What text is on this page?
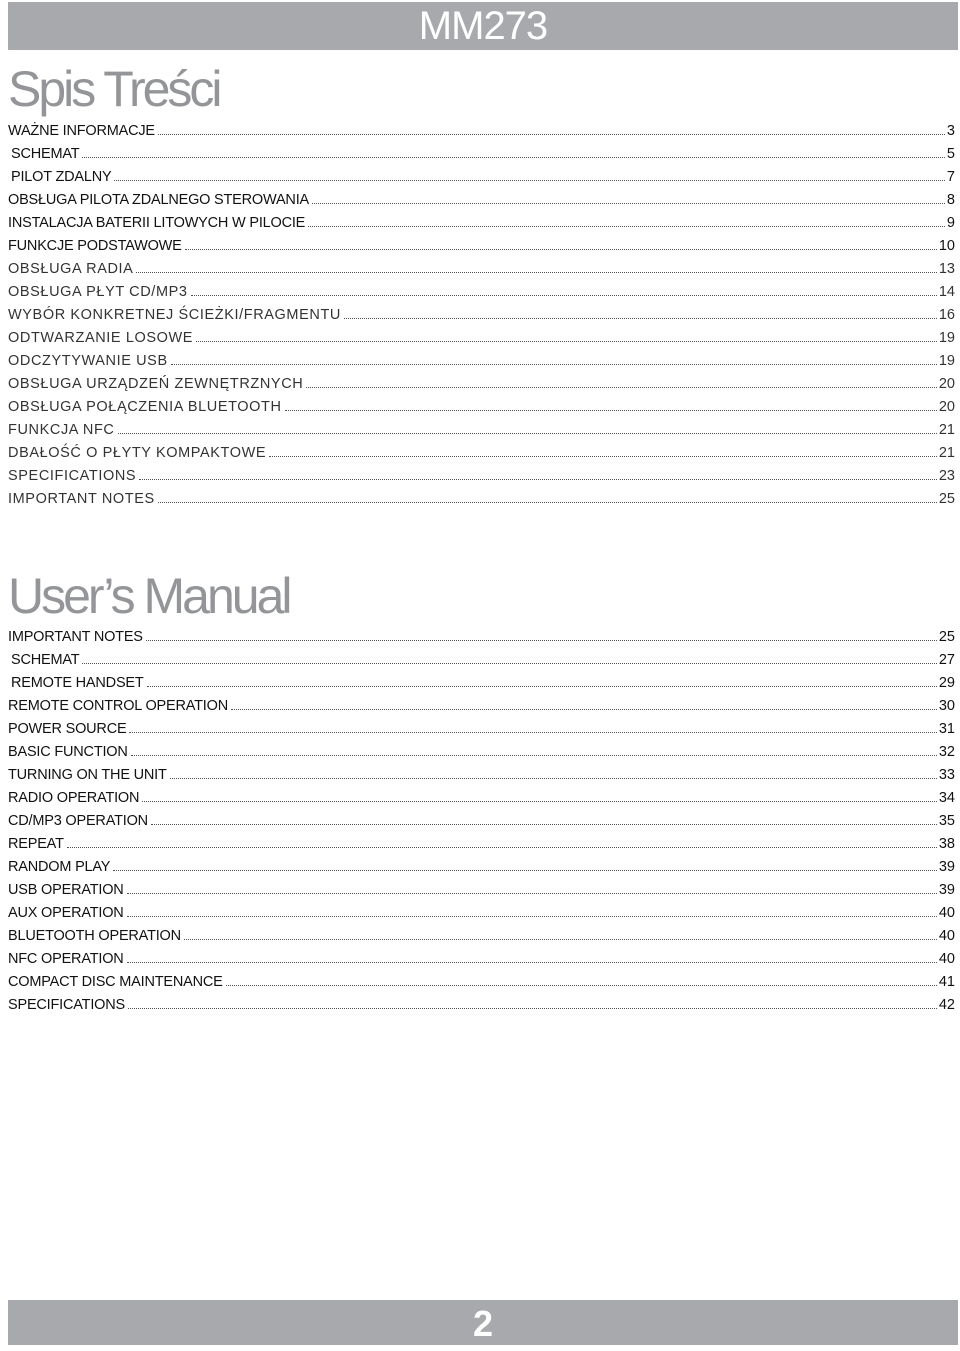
MM273
Spis Treści
WAŻNE INFORMACJE	3
SCHEMAT	5
PILOT ZDALNY	7
OBSŁUGA PILOTA ZDALNEGO STEROWANIA	8
INSTALACJA BATERII LITOWYCH W PILOCIE	9
FUNKCJE PODSTAWOWE	10
OBSŁUGA RADIA	13
OBSŁUGA PŁYT CD/MP3	14
WYBÓR KONKRETNEJ ŚCIEŻKI/FRAGMENTU	16
ODTWARZANIE LOSOWE	19
ODCZYTYWANIE USB	19
OBSŁUGA URZĄDZEŃ ZEWNĘTRZNYCH	20
OBSŁUGA POŁĄCZENIA BLUETOOTH	20
FUNKCJA NFC	21
DBAŁOŚĆ O PŁYTY KOMPAKTOWE	21
SPECIFICATIONS	23
IMPORTANT NOTES	25
User’s Manual
IMPORTANT NOTES	25
SCHEMAT	27
REMOTE HANDSET	29
REMOTE CONTROL OPERATION	30
POWER SOURCE	31
BASIC FUNCTION	32
TURNING ON THE UNIT	33
RADIO OPERATION	34
CD/MP3 OPERATION	35
REPEAT	38
RANDOM PLAY	39
USB OPERATION	39
AUX OPERATION	40
BLUETOOTH OPERATION	40
NFC OPERATION	40
COMPACT DISC MAINTENANCE	41
SPECIFICATIONS	42
2
